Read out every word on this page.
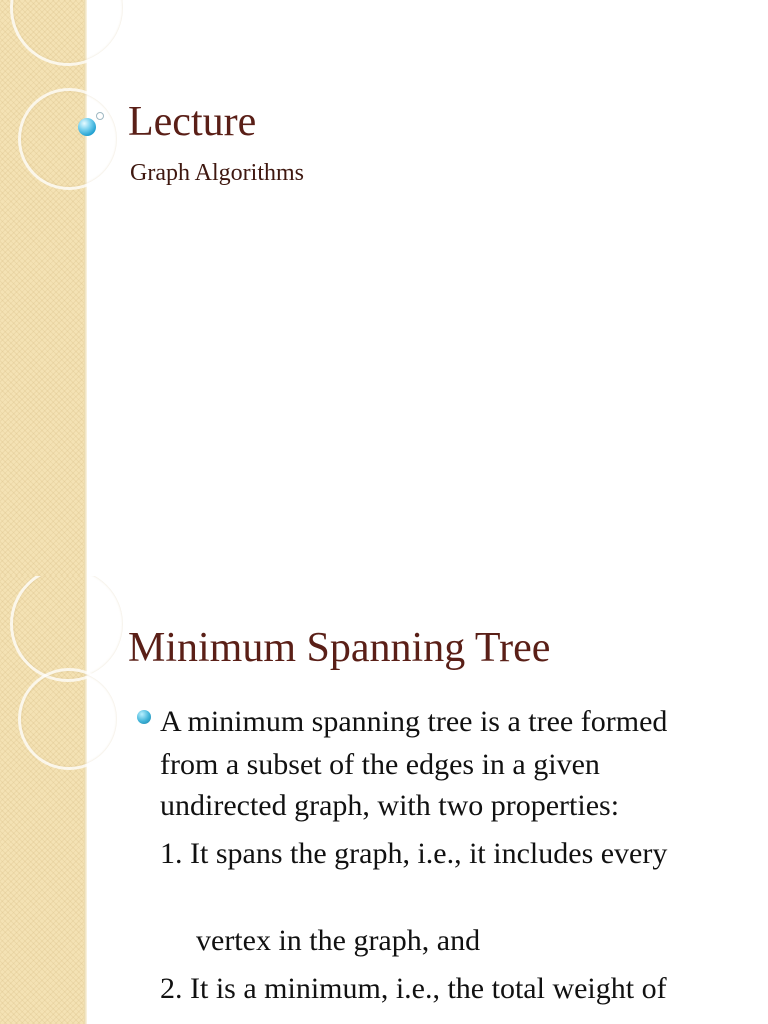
Lecture

Graph Algorithms

Minimum Spanning Tree

A minimum spanning tree is a tree formed

from a subset of the edges in a given

undirected graph, with two properties:

1. It spans the graph, i.e., it includes every

vertex in the graph, and

2. It is a minimum, i.e., the total weight of
